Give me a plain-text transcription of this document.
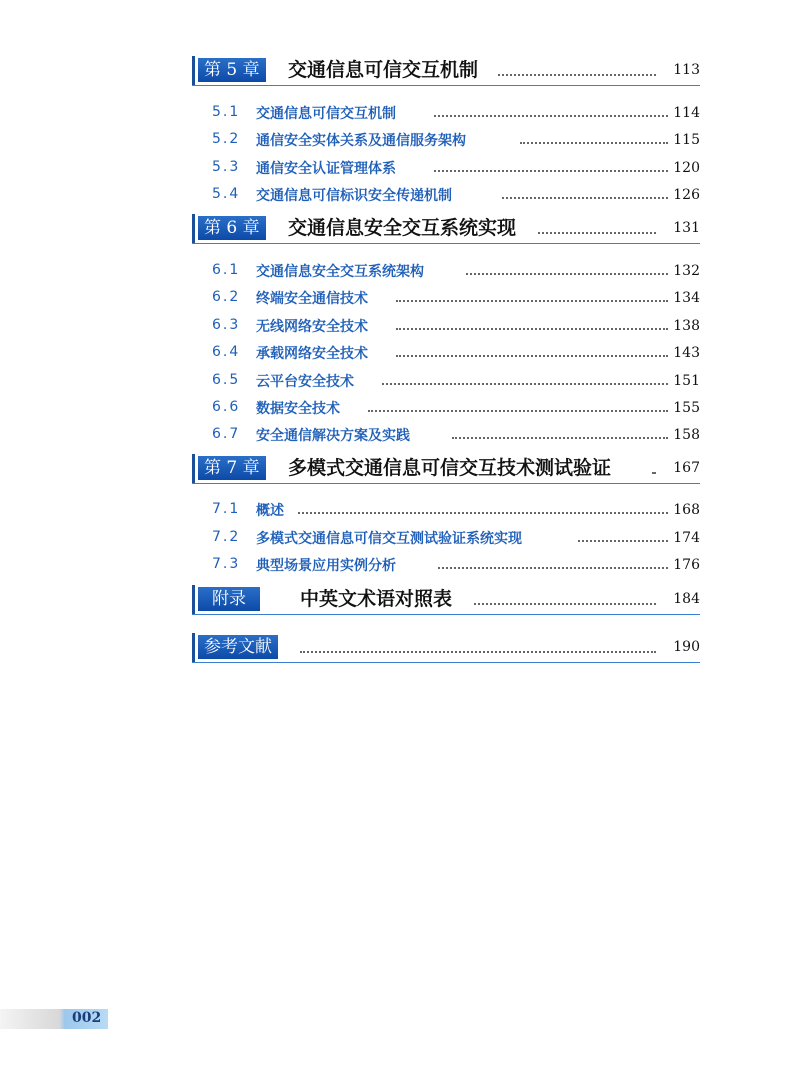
第 5 章	交通信息可信交互机制	113
5.1 交通信息可信交互机制	114
5.2 通信安全实体关系及通信服务架构	115
5.3 通信安全认证管理体系	120
5.4 交通信息可信标识安全传递机制	126
第 6 章	交通信息安全交互系统实现	131
6.1 交通信息安全交互系统架构	132
6.2 终端安全通信技术	134
6.3 无线网络安全技术	138
6.4 承载网络安全技术	143
6.5 云平台安全技术	151
6.6 数据安全技术	155
6.7 安全通信解决方案及实践	158
第 7 章	多模式交通信息可信交互技术测试验证	167
7.1 概述	168
7.2 多模式交通信息可信交互测试验证系统实现	174
7.3 典型场景应用实例分析	176
附录	中英文术语对照表	184
参考文献	190
002
